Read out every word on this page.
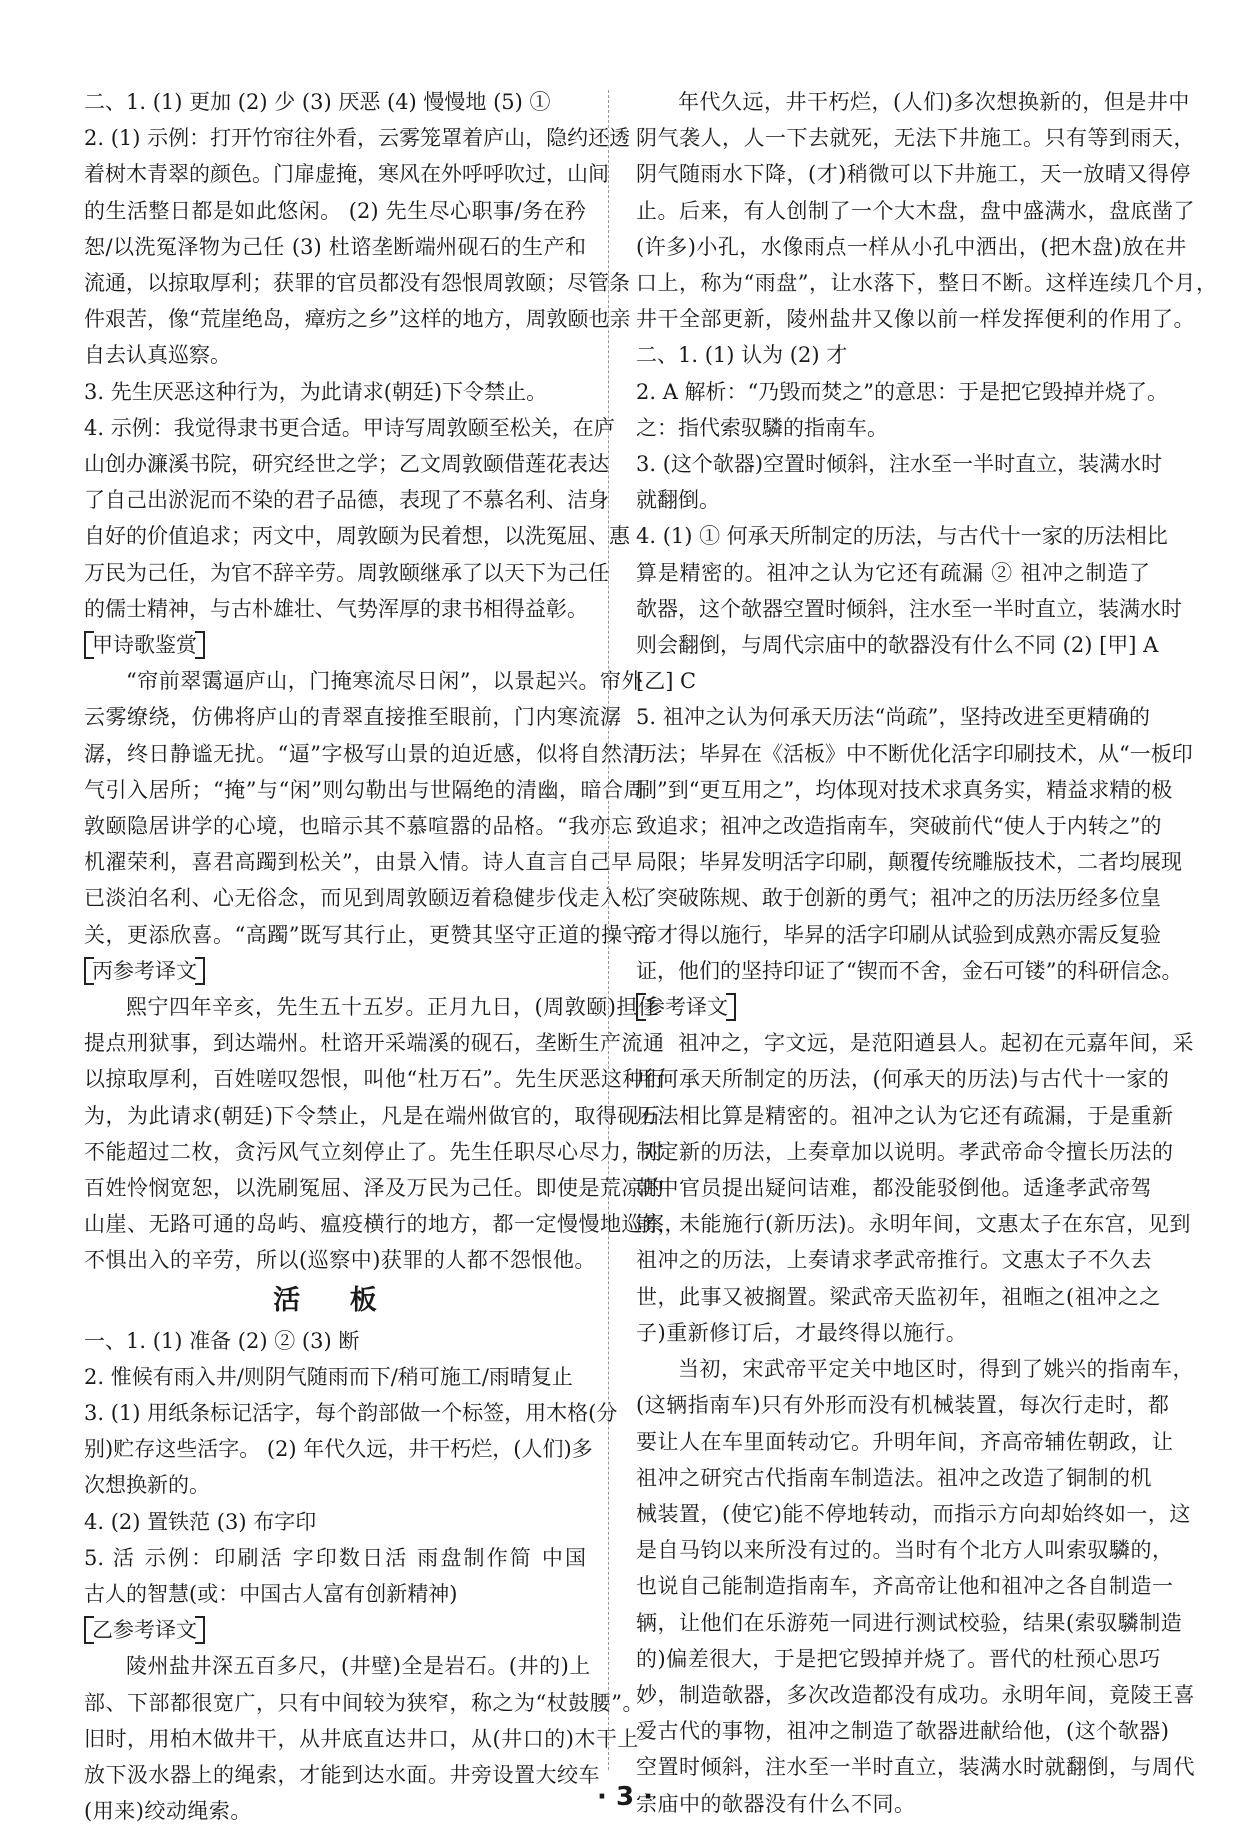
二、1. (1) 更加 (2) 少 (3) 厌恶 (4) 慢慢地 (5) ①
2. (1) 示例：打开竹帘往外看，云雾笼罩着庐山，隐约还透
着树木青翠的颜色。门扉虚掩，寒风在外呼呼吹过，山间
的生活整日都是如此悠闲。 (2) 先生尽心职事/务在矜
恕/以洗冤泽物为己任 (3) 杜谘垄断端州砚石的生产和
流通，以掠取厚利；获罪的官员都没有怨恨周敦颐；尽管条
件艰苦，像“荒崖绝岛，瘴疠之乡”这样的地方，周敦颐也亲
自去认真巡察。
3. 先生厌恶这种行为，为此请求(朝廷)下令禁止。
4. 示例：我觉得隶书更合适。甲诗写周敦颐至松关，在庐
山创办濂溪书院，研究经世之学；乙文周敦颐借莲花表达
了自己出淤泥而不染的君子品德，表现了不慕名利、洁身
自好的价值追求；丙文中，周敦颐为民着想，以洗冤屈、惠
万民为己任，为官不辞辛劳。周敦颐继承了以天下为己任
的儒士精神，与古朴雄壮、气势浑厚的隶书相得益彰。
甲诗歌鉴赏
“帘前翠霭逼庐山，门掩寒流尽日闲”，以景起兴。帘外
云雾缭绕，仿佛将庐山的青翠直接推至眼前，门内寒流潺
潺，终日静谧无扰。“逼”字极写山景的迫近感，似将自然清
气引入居所；“掩”与“闲”则勾勒出与世隔绝的清幽，暗合周
敦颐隐居讲学的心境，也暗示其不慕喧嚣的品格。“我亦忘
机濯荣利，喜君高躅到松关”，由景入情。诗人直言自己早
已淡泊名利、心无俗念，而见到周敦颐迈着稳健步伐走入松
关，更添欣喜。“高躅”既写其行止，更赞其坚守正道的操守。
丙参考译文
熙宁四年辛亥，先生五十五岁。正月九日，(周敦颐)担任
提点刑狱事，到达端州。杜谘开采端溪的砚石，垄断生产流通
以掠取厚利，百姓嗟叹怨恨，叫他“杜万石”。先生厌恶这种行
为，为此请求(朝廷)下令禁止，凡是在端州做官的，取得砚石
不能超过二枚，贪污风气立刻停止了。先生任职尽心尽力，对
百姓怜悯宽恕，以洗刷冤屈、泽及万民为己任。即使是荒凉的
山崖、无路可通的岛屿、瘟疫横行的地方，都一定慢慢地巡察，
不惧出入的辛劳，所以(巡察中)获罪的人都不怨恨他。
活 板
一、1. (1) 准备 (2) ② (3) 断
2. 惟候有雨入井/则阴气随雨而下/稍可施工/雨晴复止
3. (1) 用纸条标记活字，每个韵部做一个标签，用木格(分
别)贮存这些活字。 (2) 年代久远，井干朽烂，(人们)多
次想换新的。
4. (2) 置铁范 (3) 布字印
5. 活 示例：印刷活 字印数日活 雨盘制作简 中国
古人的智慧(或：中国古人富有创新精神)
乙参考译文
陵州盐井深五百多尺，(井壁)全是岩石。(井的)上
部、下部都很宽广，只有中间较为狭窄，称之为“杖鼓腰”。
旧时，用柏木做井干，从井底直达井口，从(井口的)木干上
放下汲水器上的绳索，才能到达水面。井旁设置大绞车
(用来)绞动绳索。
年代久远，井干朽烂，(人们)多次想换新的，但是井中
阴气袭人，人一下去就死，无法下井施工。只有等到雨天，
阴气随雨水下降，(才)稍微可以下井施工，天一放晴又得停
止。后来，有人创制了一个大木盘，盘中盛满水，盘底凿了
(许多)小孔，水像雨点一样从小孔中洒出，(把木盘)放在井
口上，称为“雨盘”，让水落下，整日不断。这样连续几个月，
井干全部更新，陵州盐井又像以前一样发挥便利的作用了。
二、1. (1) 认为 (2) 才
2. A 解析：“乃毁而焚之”的意思：于是把它毁掉并烧了。
之：指代索驭驎的指南车。
3. (这个欹器)空置时倾斜，注水至一半时直立，装满水时
就翻倒。
4. (1) ① 何承天所制定的历法，与古代十一家的历法相比
算是精密的。祖冲之认为它还有疏漏 ② 祖冲之制造了
欹器，这个欹器空置时倾斜，注水至一半时直立，装满水时
则会翻倒，与周代宗庙中的欹器没有什么不同 (2) [甲] A
[乙] C
5. 祖冲之认为何承天历法“尚疏”，坚持改进至更精确的
历法；毕昇在《活板》中不断优化活字印刷技术，从“一板印
刷”到“更互用之”，均体现对技术求真务实，精益求精的极
致追求；祖冲之改造指南车，突破前代“使人于内转之”的
局限；毕昇发明活字印刷，颠覆传统雕版技术，二者均展现
了突破陈规、敢于创新的勇气；祖冲之的历法历经多位皇
帝才得以施行，毕昇的活字印刷从试验到成熟亦需反复验
证，他们的坚持印证了“锲而不舍，金石可镂”的科研信念。
参考译文
祖冲之，字文远，是范阳遒县人。起初在元嘉年间，采
用何承天所制定的历法，(何承天的历法)与古代十一家的
历法相比算是精密的。祖冲之认为它还有疏漏，于是重新
制定新的历法，上奏章加以说明。孝武帝命令擅长历法的
朝中官员提出疑问诘难，都没能驳倒他。适逢孝武帝驾
崩，未能施行(新历法)。永明年间，文惠太子在东宫，见到
祖冲之的历法，上奏请求孝武帝推行。文惠太子不久去
世，此事又被搁置。梁武帝天监初年，祖暅之(祖冲之之
子)重新修订后，才最终得以施行。
当初，宋武帝平定关中地区时，得到了姚兴的指南车，
(这辆指南车)只有外形而没有机械装置，每次行走时，都
要让人在车里面转动它。升明年间，齐高帝辅佐朝政，让
祖冲之研究古代指南车制造法。祖冲之改造了铜制的机
械装置，(使它)能不停地转动，而指示方向却始终如一，这
是自马钧以来所没有过的。当时有个北方人叫索驭驎的，
也说自己能制造指南车，齐高帝让他和祖冲之各自制造一
辆，让他们在乐游苑一同进行测试校验，结果(索驭驎制造
的)偏差很大，于是把它毁掉并烧了。晋代的杜预心思巧
妙，制造欹器，多次改造都没有成功。永明年间，竟陵王喜
爱古代的事物，祖冲之制造了欹器进献给他，(这个欹器)
空置时倾斜，注水至一半时直立，装满水时就翻倒，与周代
宗庙中的欹器没有什么不同。
· 3 ·
